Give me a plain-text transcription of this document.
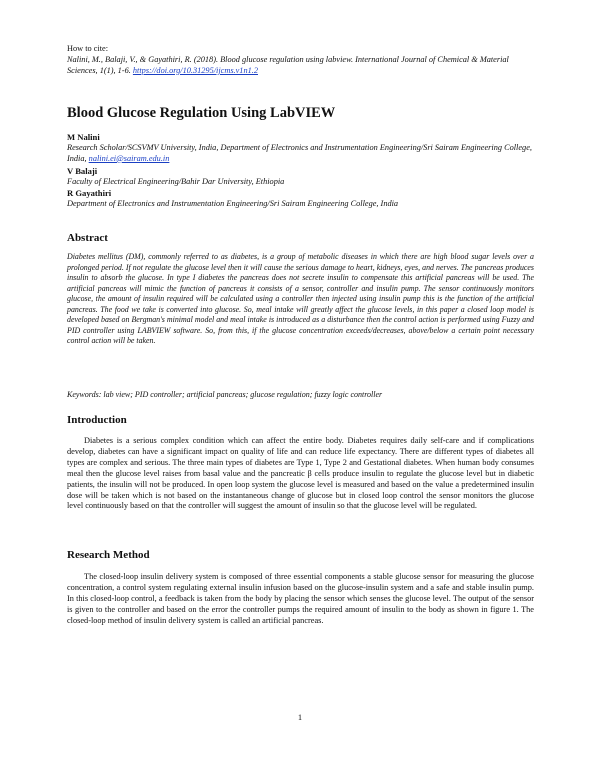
How to cite:
Nalini, M., Balaji, V., & Gayathiri, R. (2018). Blood glucose regulation using labview. International Journal of Chemical & Material Sciences, 1(1), 1-6. https://doi.org/10.31295/ijcms.v1n1.2
Blood Glucose Regulation Using LabVIEW
M Nalini
Research Scholar/SCSVMV University, India, Department of Electronics and Instrumentation Engineering/Sri Sairam Engineering College, India, nalini.ei@sairam.edu.in
V Balaji
Faculty of Electrical Engineering/Bahir Dar University, Ethiopia
R Gayathiri
Department of Electronics and Instrumentation Engineering/Sri Sairam Engineering College, India
Abstract

Diabetes mellitus (DM), commonly referred to as diabetes, is a group of metabolic diseases in which there are high blood sugar levels over a prolonged period. If not regulate the glucose level then it will cause the serious damage to heart, kidneys, eyes, and nerves. The pancreas produces insulin to absorb the glucose. In type I diabetes the pancreas does not secrete insulin to compensate this artificial pancreas will be used. The artificial pancreas will mimic the function of pancreas it consists of a sensor, controller and insulin pump. The sensor continuously monitors glucose, the amount of insulin required will be calculated using a controller then injected using insulin pump this is the function of the artificial pancreas. The food we take is converted into glucose. So, meal intake will greatly affect the glucose levels, in this paper a closed loop model is developed based on Bergman's minimal model and meal intake is introduced as a disturbance then the control action is performed using Fuzzy and PID controller using LABVIEW software. So, from this, if the glucose concentration exceeds/decreases, above/below a certain point necessary control action will be taken.

Keywords: lab view; PID controller; artificial pancreas; glucose regulation; fuzzy logic controller
Introduction

Diabetes is a serious complex condition which can affect the entire body. Diabetes requires daily self-care and if complications develop, diabetes can have a significant impact on quality of life and can reduce life expectancy. There are different types of diabetes all types are complex and serious. The three main types of diabetes are Type 1, Type 2 and Gestational diabetes. When human body consumes meal then the glucose level raises from basal value and the pancreatic β cells produce insulin to regulate the glucose level but in diabetic patients, the insulin will not be produced. In open loop system the glucose level is measured and based on the value a predetermined insulin dose will be taken which is not based on the instantaneous change of glucose but in closed loop control the sensor monitors the glucose level continuously based on that the controller will suggest the amount of insulin so that the glucose level will be regulated.

Research Method

The closed-loop insulin delivery system is composed of three essential components a stable glucose sensor for measuring the glucose concentration, a control system regulating external insulin infusion based on the glucose-insulin system and a safe and stable insulin pump. In this closed-loop control, a feedback is taken from the body by placing the sensor which senses the glucose level. The output of the sensor is given to the controller and based on the error the controller pumps the required amount of insulin to the body as shown in figure 1. The closed-loop method of insulin delivery system is called an artificial pancreas.

1
